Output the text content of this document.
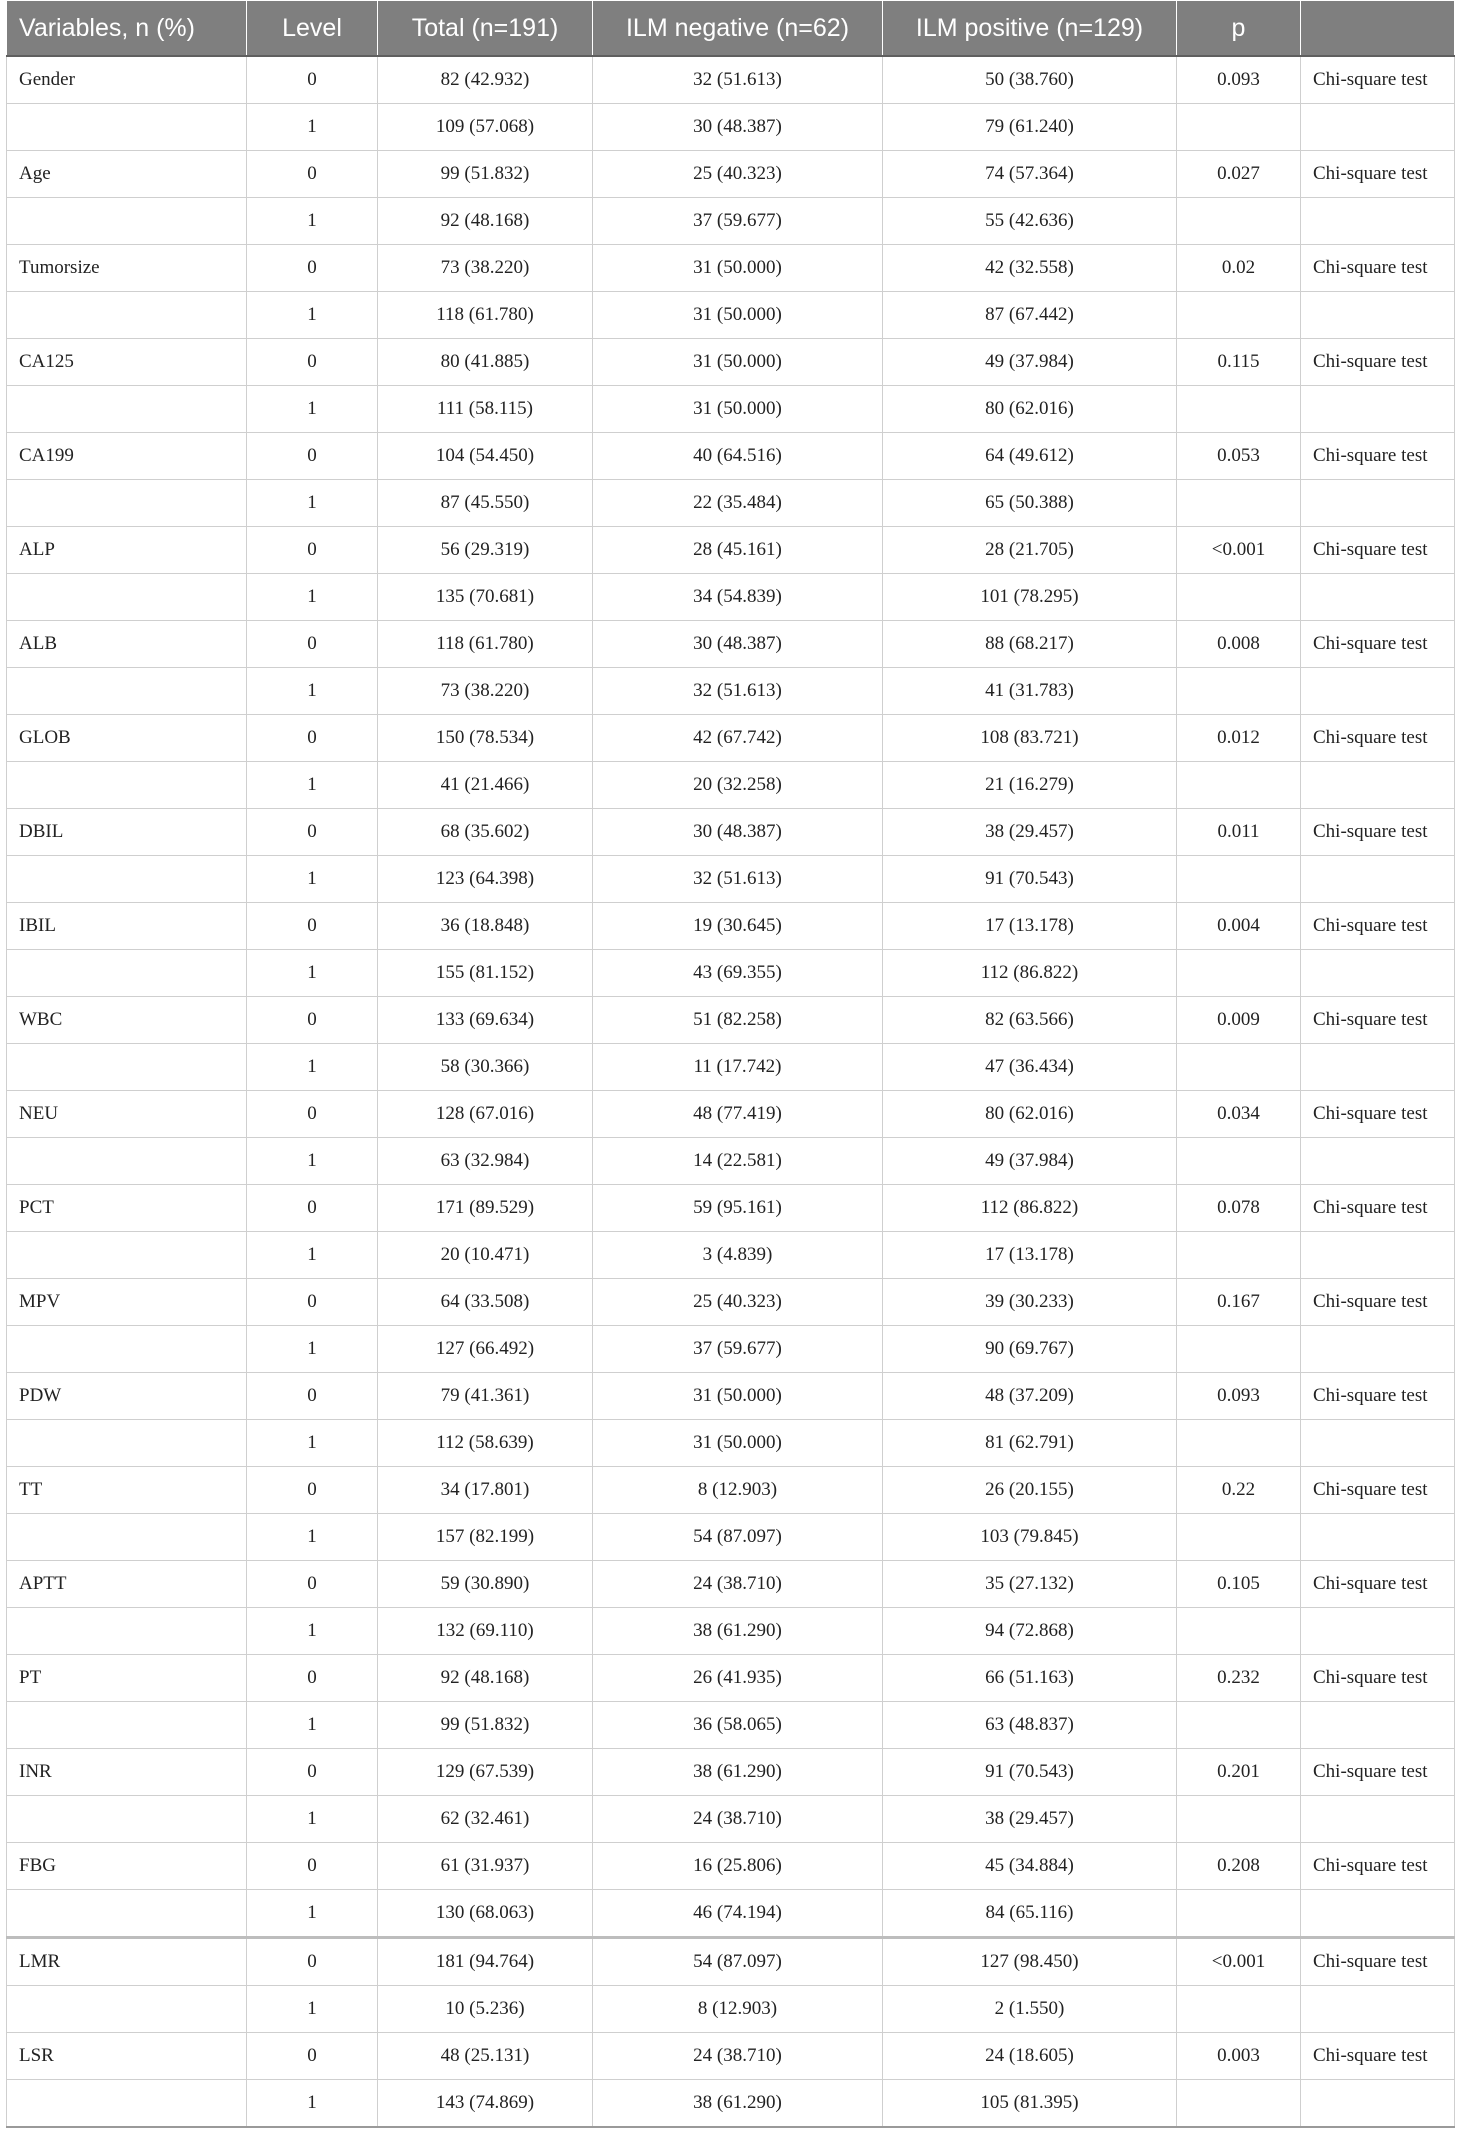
Variables, n (%)	Level	Total (n=191)	ILM negative (n=62)	ILM positive (n=129)	p	
Gender	0	82 (42.932)	32 (51.613)	50 (38.760)	0.093	Chi-square test
	1	109 (57.068)	30 (48.387)	79 (61.240)		
Age	0	99 (51.832)	25 (40.323)	74 (57.364)	0.027	Chi-square test
	1	92 (48.168)	37 (59.677)	55 (42.636)		
Tumorsize	0	73 (38.220)	31 (50.000)	42 (32.558)	0.02	Chi-square test
	1	118 (61.780)	31 (50.000)	87 (67.442)		
CA125	0	80 (41.885)	31 (50.000)	49 (37.984)	0.115	Chi-square test
	1	111 (58.115)	31 (50.000)	80 (62.016)		
CA199	0	104 (54.450)	40 (64.516)	64 (49.612)	0.053	Chi-square test
	1	87 (45.550)	22 (35.484)	65 (50.388)		
ALP	0	56 (29.319)	28 (45.161)	28 (21.705)	<0.001	Chi-square test
	1	135 (70.681)	34 (54.839)	101 (78.295)		
ALB	0	118 (61.780)	30 (48.387)	88 (68.217)	0.008	Chi-square test
	1	73 (38.220)	32 (51.613)	41 (31.783)		
GLOB	0	150 (78.534)	42 (67.742)	108 (83.721)	0.012	Chi-square test
	1	41 (21.466)	20 (32.258)	21 (16.279)		
DBIL	0	68 (35.602)	30 (48.387)	38 (29.457)	0.011	Chi-square test
	1	123 (64.398)	32 (51.613)	91 (70.543)		
IBIL	0	36 (18.848)	19 (30.645)	17 (13.178)	0.004	Chi-square test
	1	155 (81.152)	43 (69.355)	112 (86.822)		
WBC	0	133 (69.634)	51 (82.258)	82 (63.566)	0.009	Chi-square test
	1	58 (30.366)	11 (17.742)	47 (36.434)		
NEU	0	128 (67.016)	48 (77.419)	80 (62.016)	0.034	Chi-square test
	1	63 (32.984)	14 (22.581)	49 (37.984)		
PCT	0	171 (89.529)	59 (95.161)	112 (86.822)	0.078	Chi-square test
	1	20 (10.471)	3 (4.839)	17 (13.178)		
MPV	0	64 (33.508)	25 (40.323)	39 (30.233)	0.167	Chi-square test
	1	127 (66.492)	37 (59.677)	90 (69.767)		
PDW	0	79 (41.361)	31 (50.000)	48 (37.209)	0.093	Chi-square test
	1	112 (58.639)	31 (50.000)	81 (62.791)		
TT	0	34 (17.801)	8 (12.903)	26 (20.155)	0.22	Chi-square test
	1	157 (82.199)	54 (87.097)	103 (79.845)		
APTT	0	59 (30.890)	24 (38.710)	35 (27.132)	0.105	Chi-square test
	1	132 (69.110)	38 (61.290)	94 (72.868)		
PT	0	92 (48.168)	26 (41.935)	66 (51.163)	0.232	Chi-square test
	1	99 (51.832)	36 (58.065)	63 (48.837)		
INR	0	129 (67.539)	38 (61.290)	91 (70.543)	0.201	Chi-square test
	1	62 (32.461)	24 (38.710)	38 (29.457)		
FBG	0	61 (31.937)	16 (25.806)	45 (34.884)	0.208	Chi-square test
	1	130 (68.063)	46 (74.194)	84 (65.116)		
LMR	0	181 (94.764)	54 (87.097)	127 (98.450)	<0.001	Chi-square test
	1	10 (5.236)	8 (12.903)	2 (1.550)		
LSR	0	48 (25.131)	24 (38.710)	24 (18.605)	0.003	Chi-square test
	1	143 (74.869)	38 (61.290)	105 (81.395)		
